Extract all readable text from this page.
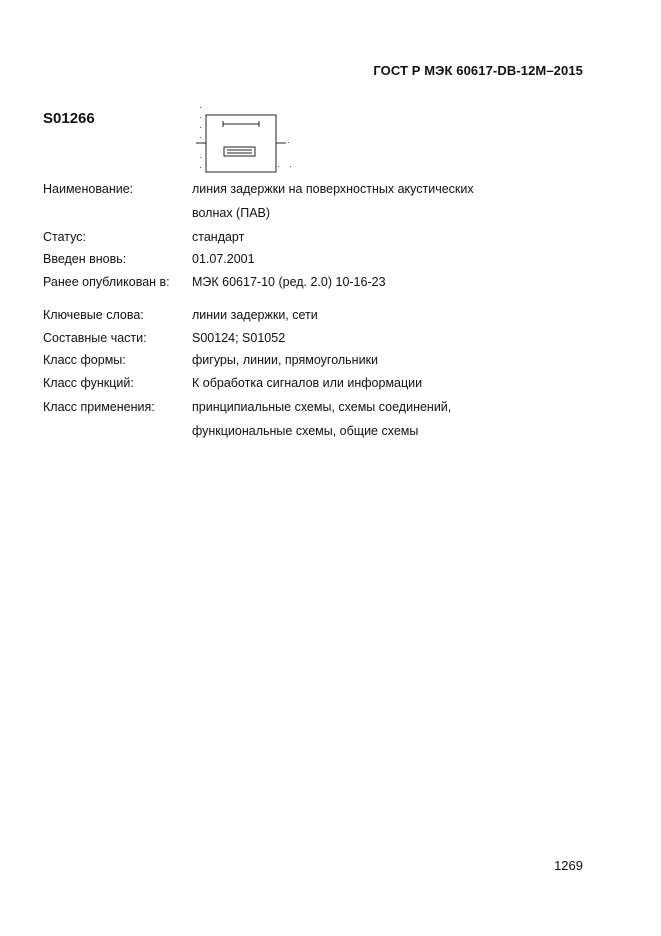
ГОСТ Р МЭК 60617-DB-12M–2015
S01266
Наименование:	линия задержки на поверхностных акустических
волнах (ПАВ)
Статус:	стандарт
Введен вновь:	01.07.2001
Ранее опубликован в: МЭК 60617-10 (ред. 2.0) 10-16-23
Ключевые слова:	линии задержки, сети
Составные части:	S00124; S01052
Класс формы:	фигуры, линии, прямоугольники
Класс функций:	К обработка сигналов или информации
Класс применения:	принципиальные схемы, схемы соединений,
функциональные схемы, общие схемы
1269
